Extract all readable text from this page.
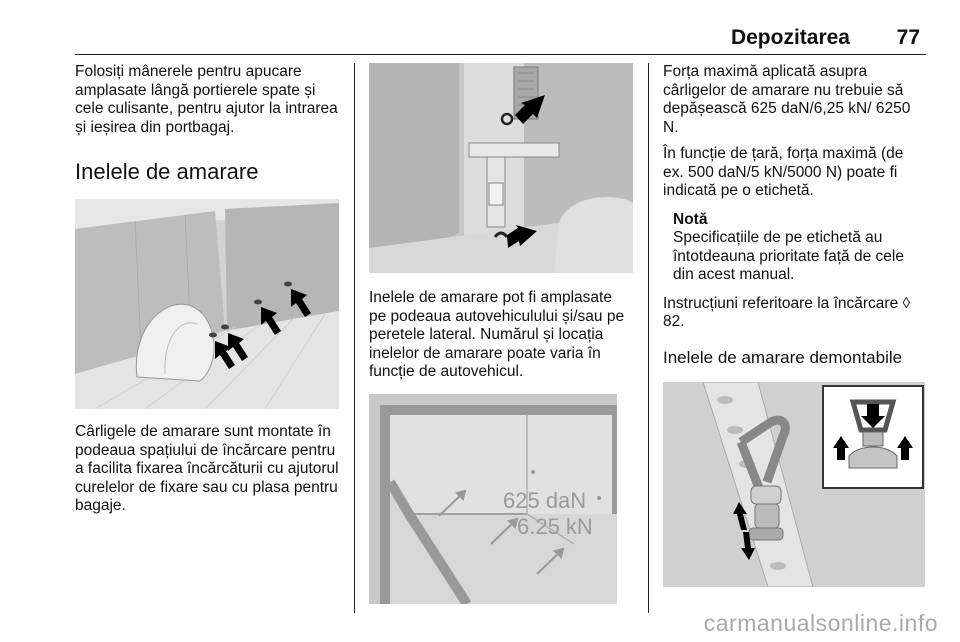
Depozitarea 77

Folosiți mânerele pentru apucare amplasate lângă portierele spate și cele culisante, pentru ajutor la intrarea și ieșirea din portbagaj.

Inelele de amarare

Cârligele de amarare sunt montate în podeaua spațiului de încărcare pentru a facilita fixarea încărcăturii cu ajutorul curelelor de fixare sau cu plasa pentru bagaje.

Inelele de amarare pot fi amplasate pe podeaua autovehiculului și/sau pe peretele lateral. Numărul și locația inelelor de amarare poate varia în funcție de autovehicul.

625 daN
6.25 kN

Forța maximă aplicată asupra cârligelor de amarare nu trebuie să depășească 625 daN/6,25 kN/ 6250 N.

În funcție de țară, forța maximă (de ex. 500 daN/5 kN/5000 N) poate fi indicată pe o etichetă.

Notă

Specificațiile de pe etichetă au întotdeauna prioritate față de cele din acest manual.

Instrucțiuni referitoare la încărcare ◊ 82.

Inelele de amarare demontabile
carmanualsonline.info
